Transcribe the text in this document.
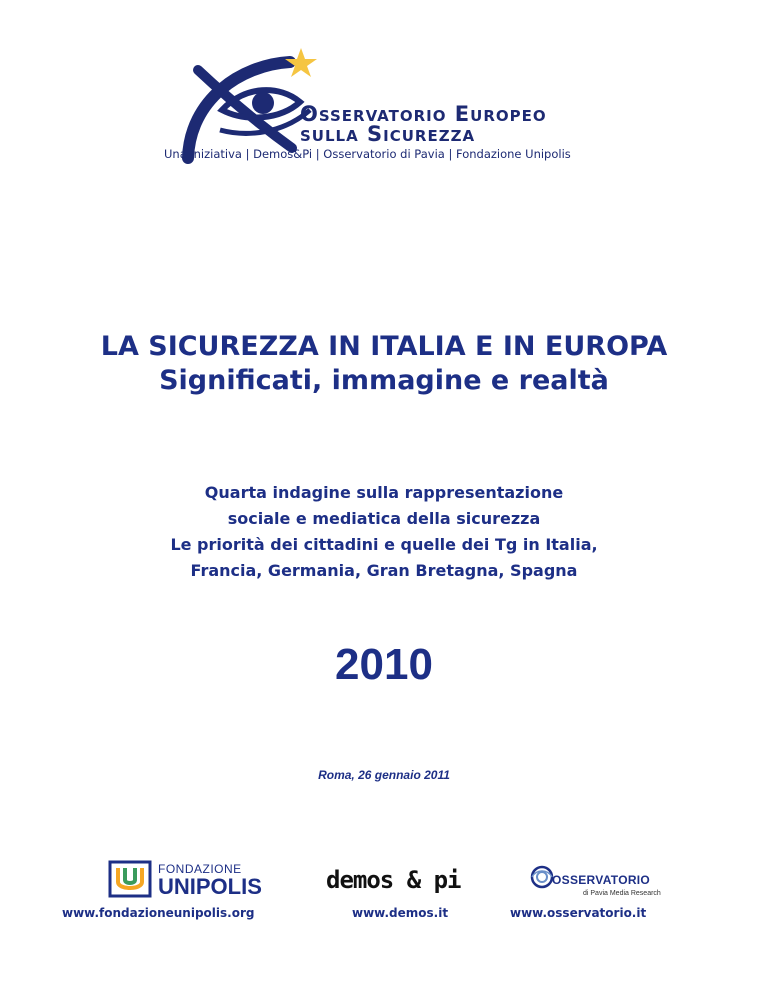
Osservatorio Europeo
sulla Sicurezza
Una iniziativa | Demos&Pi | Osservatorio di Pavia | Fondazione Unipolis
LA SICUREZZA IN ITALIA E IN EUROPA
Significati, immagine e realtà
Quarta indagine sulla rappresentazione
sociale e mediatica della sicurezza
Le priorità dei cittadini e quelle dei Tg in Italia,
Francia, Germania, Gran Bretagna, Spagna
2010
Roma, 26 gennaio 2011
FONDAZIONE
UNIPOLIS	demos & pi	OSSERVATORIO
di Pavia Media Research
www.fondazioneunipolis.org	www.demos.it	www.osservatorio.it
